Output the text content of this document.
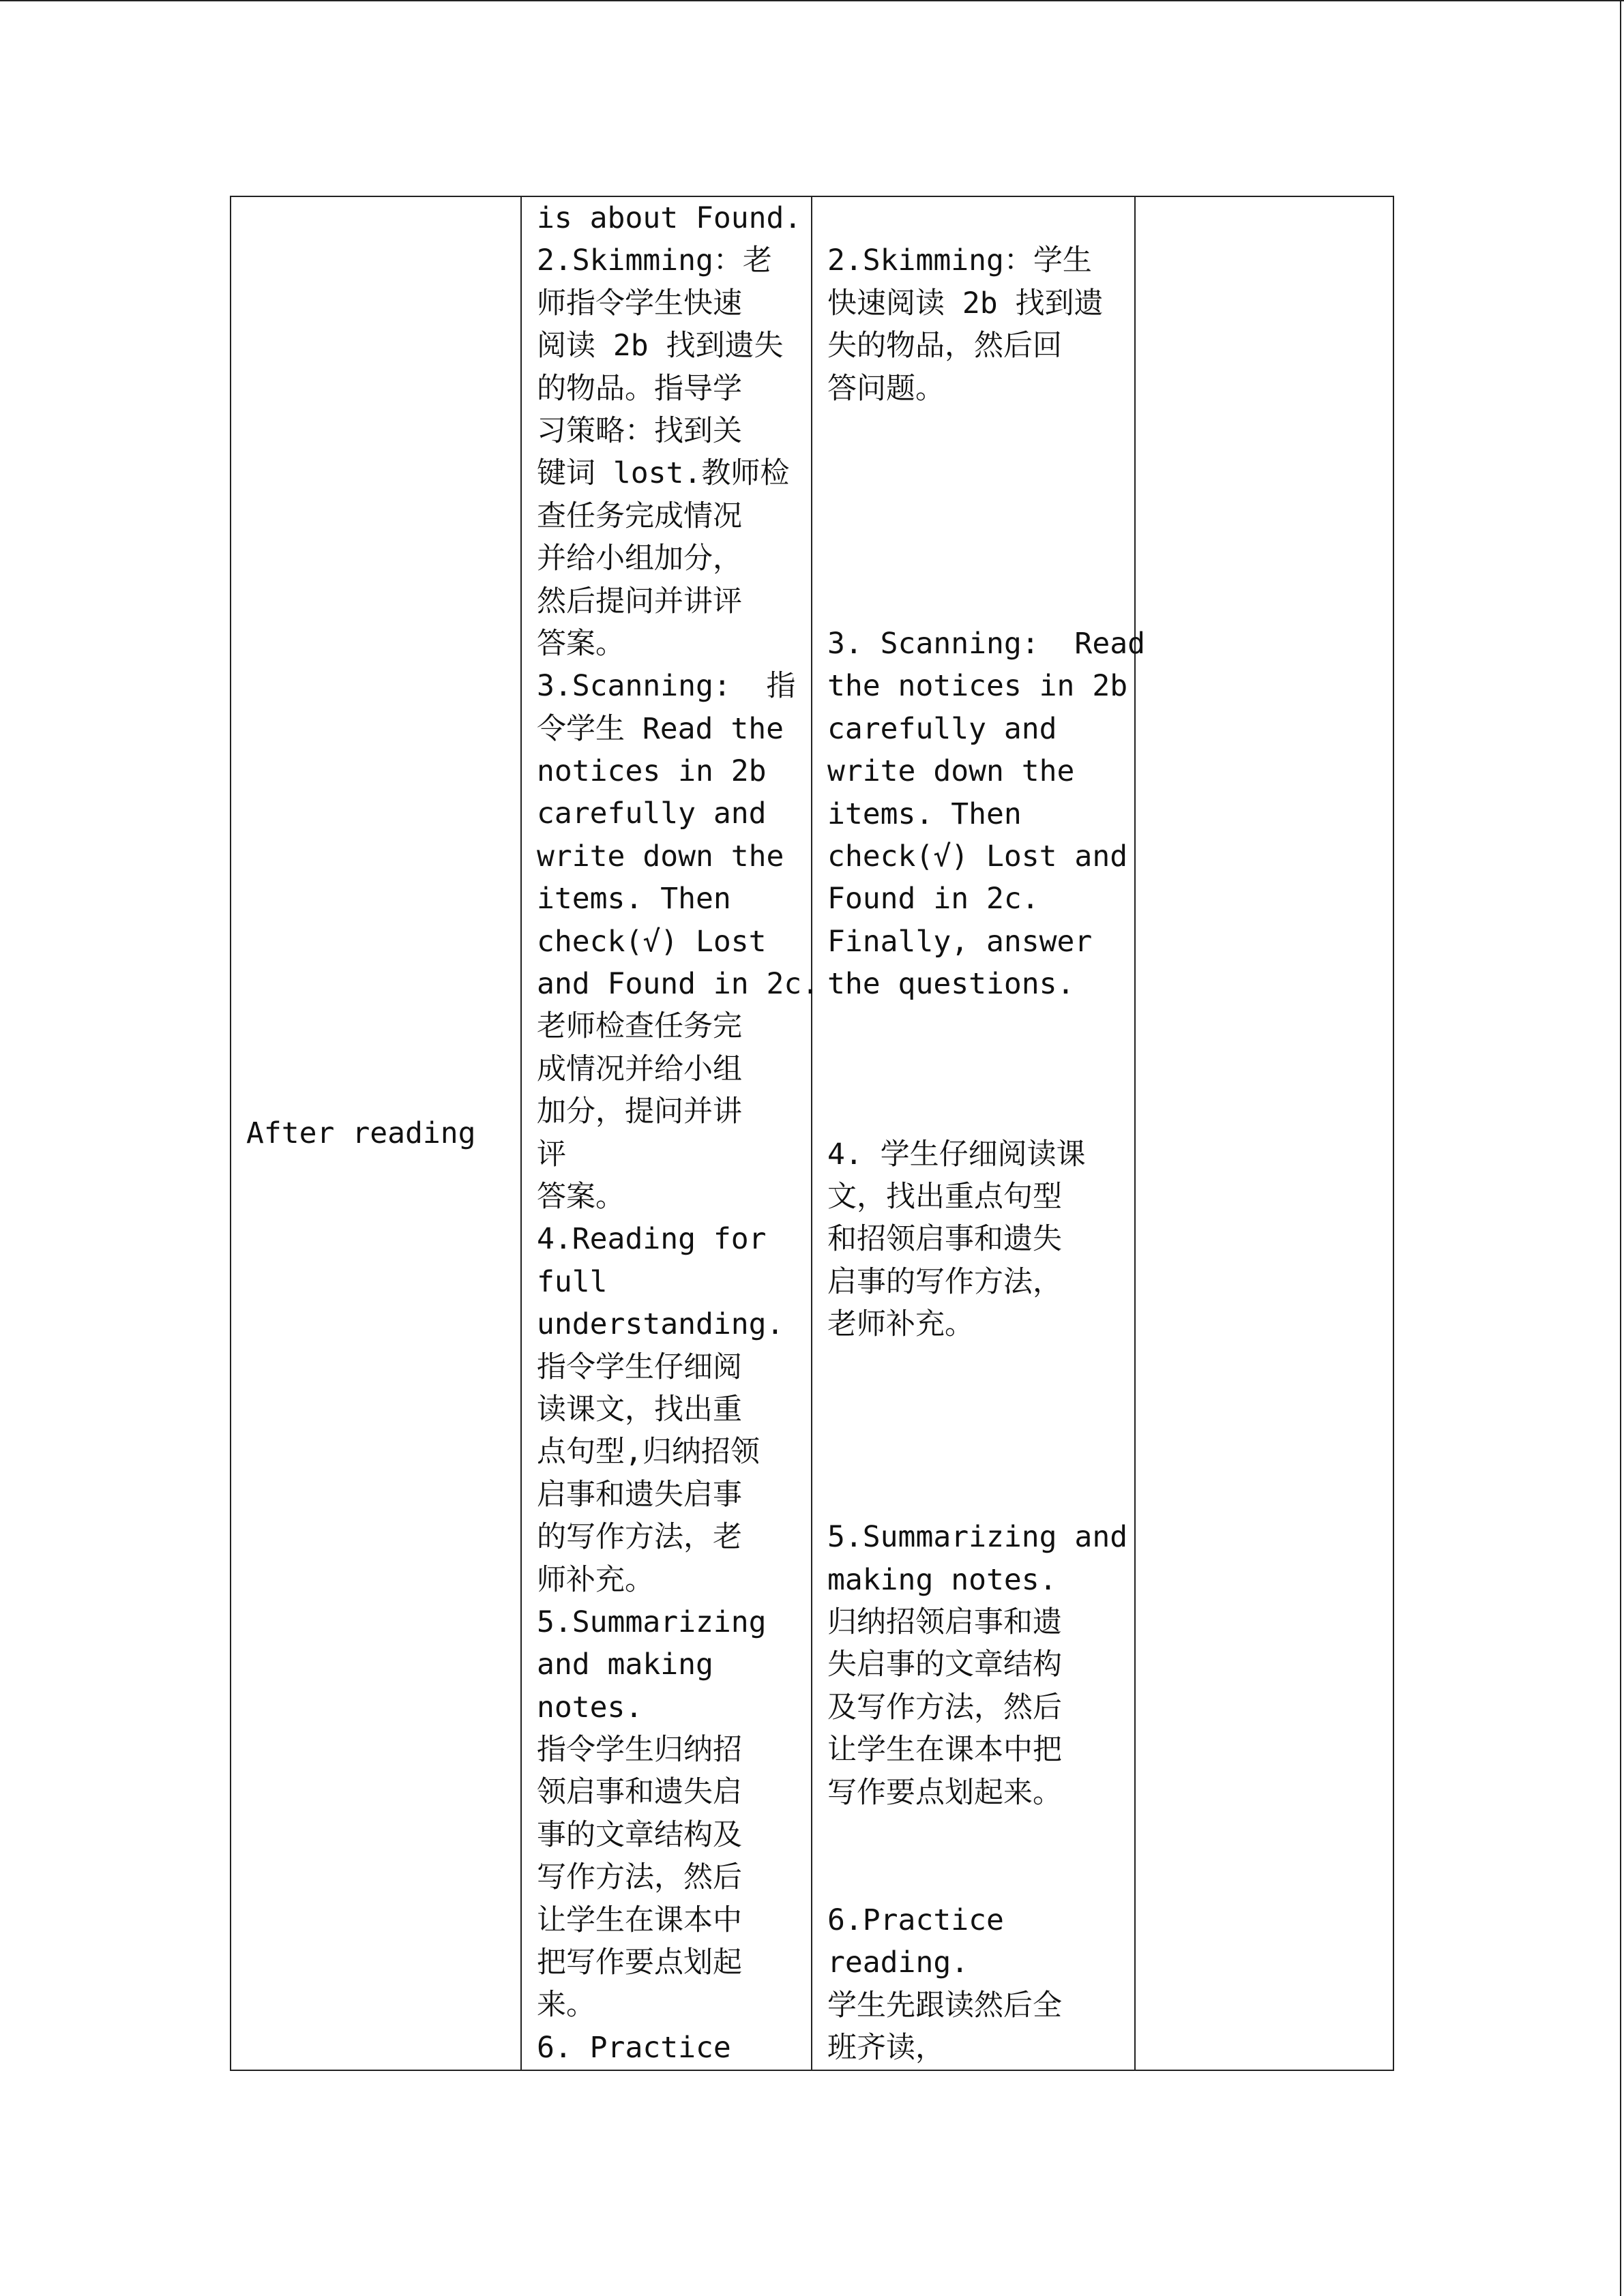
After reading

is about Found.
2.Skimming：老
师指令学生快速
阅读 2b 找到遗失
的物品。指导学
习策略：找到关
键词 lost.教师检
查任务完成情况
并给小组加分，
然后提问并讲评
答案。
3.Scanning:  指
令学生 Read the
notices in 2b
carefully and
write down the
items. Then
check(√) Lost
and Found in 2c.
老师检查任务完
成情况并给小组
加分，提问并讲
评
答案。
4.Reading for
full
understanding.
指令学生仔细阅
读课文，找出重
点句型,归纳招领
启事和遗失启事
的写作方法，老
师补充。
5.Summarizing
and making
notes.
指令学生归纳招
领启事和遗失启
事的文章结构及
写作方法，然后
让学生在课本中
把写作要点划起
来。
6. Practice

2.Skimming：学生
快速阅读 2b 找到遗
失的物品，然后回
答问题。
3. Scanning:  Read
the notices in 2b
carefully and
write down the
items. Then
check(√) Lost and
Found in 2c.
Finally, answer
the questions.
4. 学生仔细阅读课
文，找出重点句型
和招领启事和遗失
启事的写作方法，
老师补充。
5.Summarizing and
making notes.
归纳招领启事和遗
失启事的文章结构
及写作方法，然后
让学生在课本中把
写作要点划起来。
6.Practice
reading.
学生先跟读然后全
班齐读，
